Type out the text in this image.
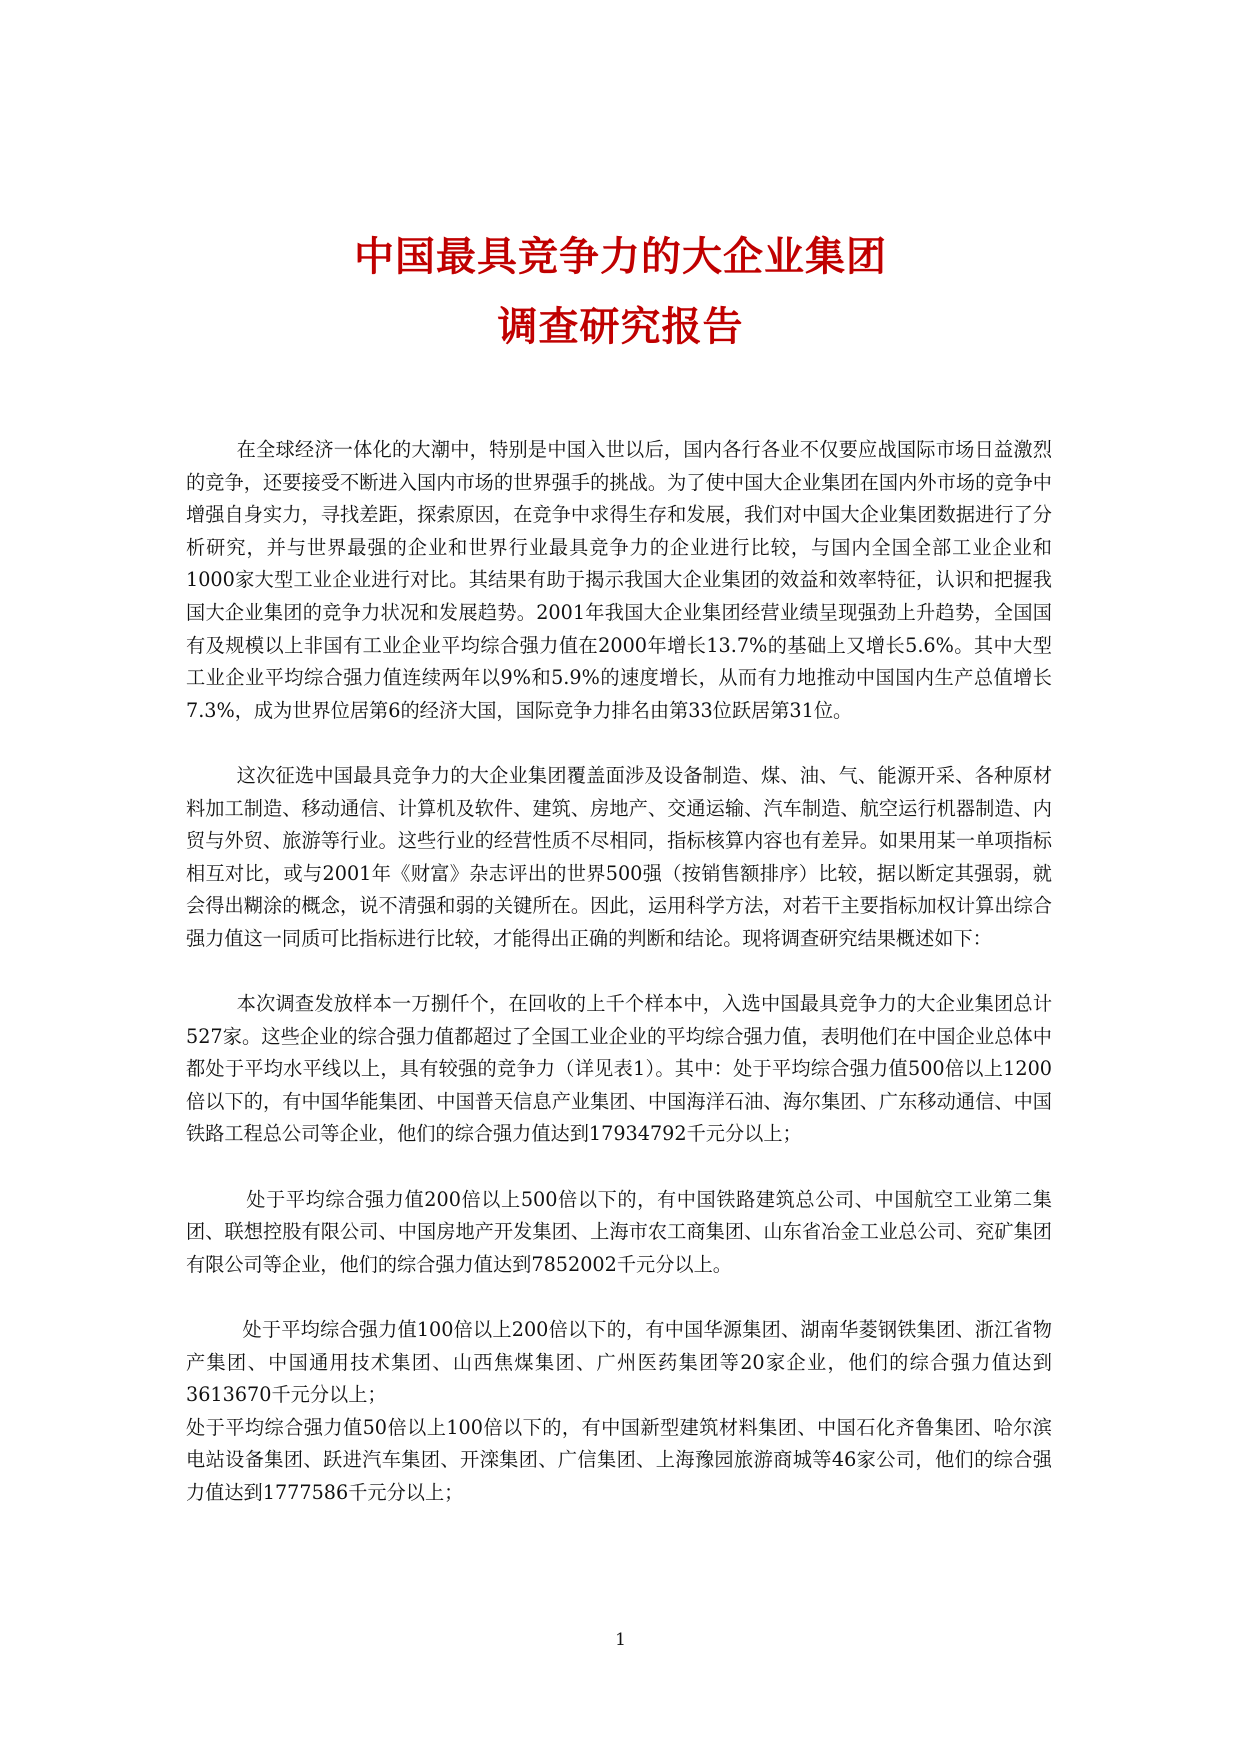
中国最具竞争力的大企业集团
调查研究报告

在全球经济一体化的大潮中，特别是中国入世以后，国内各行各业不仅要应战国际市场日益激烈的竞争，还要接受不断进入国内市场的世界强手的挑战。为了使中国大企业集团在国内外市场的竞争中增强自身实力，寻找差距，探索原因，在竞争中求得生存和发展，我们对中国大企业集团数据进行了分析研究，并与世界最强的企业和世界行业最具竞争力的企业进行比较，与国内全国全部工业企业和1000家大型工业企业进行对比。其结果有助于揭示我国大企业集团的效益和效率特征，认识和把握我国大企业集团的竞争力状况和发展趋势。2001年我国大企业集团经营业绩呈现强劲上升趋势，全国国有及规模以上非国有工业企业平均综合强力值在2000年增长13.7%的基础上又增长5.6%。其中大型工业企业平均综合强力值连续两年以9%和5.9%的速度增长，从而有力地推动中国国内生产总值增长7.3%，成为世界位居第6的经济大国，国际竞争力排名由第33位跃居第31位。

这次征选中国最具竞争力的大企业集团覆盖面涉及设备制造、煤、油、气、能源开采、各种原材料加工制造、移动通信、计算机及软件、建筑、房地产、交通运输、汽车制造、航空运行机器制造、内贸与外贸、旅游等行业。这些行业的经营性质不尽相同，指标核算内容也有差异。如果用某一单项指标相互对比，或与2001年《财富》杂志评出的世界500强（按销售额排序）比较，据以断定其强弱，就会得出糊涂的概念，说不清强和弱的关键所在。因此，运用科学方法，对若干主要指标加权计算出综合强力值这一同质可比指标进行比较，才能得出正确的判断和结论。现将调查研究结果概述如下：

本次调查发放样本一万捌仟个，在回收的上千个样本中，入选中国最具竞争力的大企业集团总计527家。这些企业的综合强力值都超过了全国工业企业的平均综合强力值，表明他们在中国企业总体中都处于平均水平线以上，具有较强的竞争力（详见表1）。其中：处于平均综合强力值500倍以上1200倍以下的，有中国华能集团、中国普天信息产业集团、中国海洋石油、海尔集团、广东移动通信、中国铁路工程总公司等企业，他们的综合强力值达到17934792千元分以上；

处于平均综合强力值200倍以上500倍以下的，有中国铁路建筑总公司、中国航空工业第二集团、联想控股有限公司、中国房地产开发集团、上海市农工商集团、山东省冶金工业总公司、兖矿集团有限公司等企业，他们的综合强力值达到7852002千元分以上。

处于平均综合强力值100倍以上200倍以下的，有中国华源集团、湖南华菱钢铁集团、浙江省物产集团、中国通用技术集团、山西焦煤集团、广州医药集团等20家企业，他们的综合强力值达到3613670千元分以上；

处于平均综合强力值50倍以上100倍以下的，有中国新型建筑材料集团、中国石化齐鲁集团、哈尔滨电站设备集团、跃进汽车集团、开滦集团、广信集团、上海豫园旅游商城等46家公司，他们的综合强力值达到1777586千元分以上；

1
